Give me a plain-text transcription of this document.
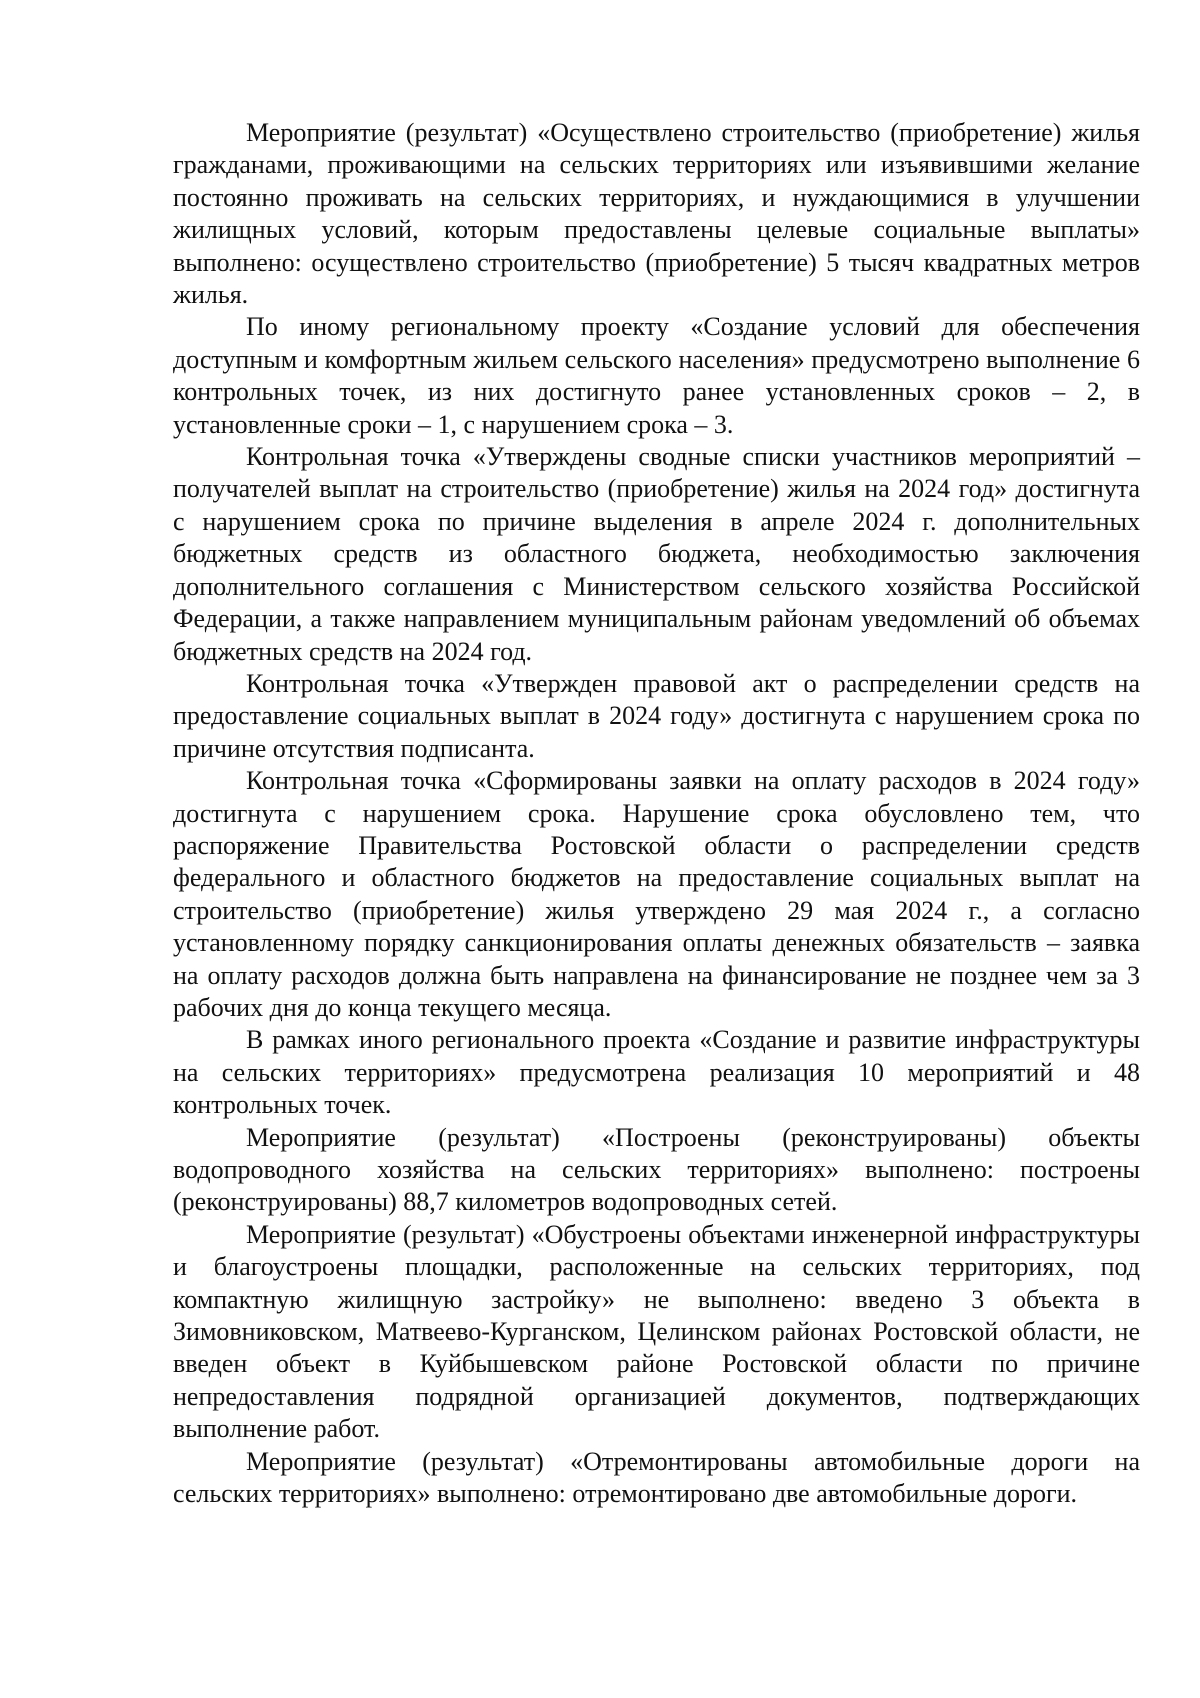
Мероприятие (результат) «Осуществлено строительство (приобретение) жилья гражданами, проживающими на сельских территориях или изъявившими желание постоянно проживать на сельских территориях, и нуждающимися в улучшении жилищных условий, которым предоставлены целевые социальные выплаты» выполнено: осуществлено строительство (приобретение) 5 тысяч квадратных метров жилья.

По иному региональному проекту «Создание условий для обеспечения доступным и комфортным жильем сельского населения» предусмотрено выполнение 6 контрольных точек, из них достигнуто ранее установленных сроков – 2, в установленные сроки – 1, с нарушением срока – 3.

Контрольная точка «Утверждены сводные списки участников мероприятий – получателей выплат на строительство (приобретение) жилья на 2024 год» достигнута с нарушением срока по причине выделения в апреле 2024 г. дополнительных бюджетных средств из областного бюджета, необходимостью заключения дополнительного соглашения с Министерством сельского хозяйства Российской Федерации, а также направлением муниципальным районам уведомлений об объемах бюджетных средств на 2024 год.

Контрольная точка «Утвержден правовой акт о распределении средств на предоставление социальных выплат в 2024 году» достигнута с нарушением срока по причине отсутствия подписанта.

Контрольная точка «Сформированы заявки на оплату расходов в 2024 году» достигнута с нарушением срока. Нарушение срока обусловлено тем, что распоряжение Правительства Ростовской области о распределении средств федерального и областного бюджетов на предоставление социальных выплат на строительство (приобретение) жилья утверждено 29 мая 2024 г., а согласно установленному порядку санкционирования оплаты денежных обязательств – заявка на оплату расходов должна быть направлена на финансирование не позднее чем за 3 рабочих дня до конца текущего месяца.

В рамках иного регионального проекта «Создание и развитие инфраструктуры на сельских территориях» предусмотрена реализация 10 мероприятий и 48 контрольных точек.

Мероприятие (результат) «Построены (реконструированы) объекты водопроводного хозяйства на сельских территориях» выполнено: построены (реконструированы) 88,7 километров водопроводных сетей.

Мероприятие (результат) «Обустроены объектами инженерной инфраструктуры и благоустроены площадки, расположенные на сельских территориях, под компактную жилищную застройку» не выполнено: введено 3 объекта в Зимовниковском, Матвеево-Курганском, Целинском районах Ростовской области, не введен объект в Куйбышевском районе Ростовской области по причине непредоставления подрядной организацией документов, подтверждающих выполнение работ.

Мероприятие (результат) «Отремонтированы автомобильные дороги на сельских территориях» выполнено: отремонтировано две автомобильные дороги.
